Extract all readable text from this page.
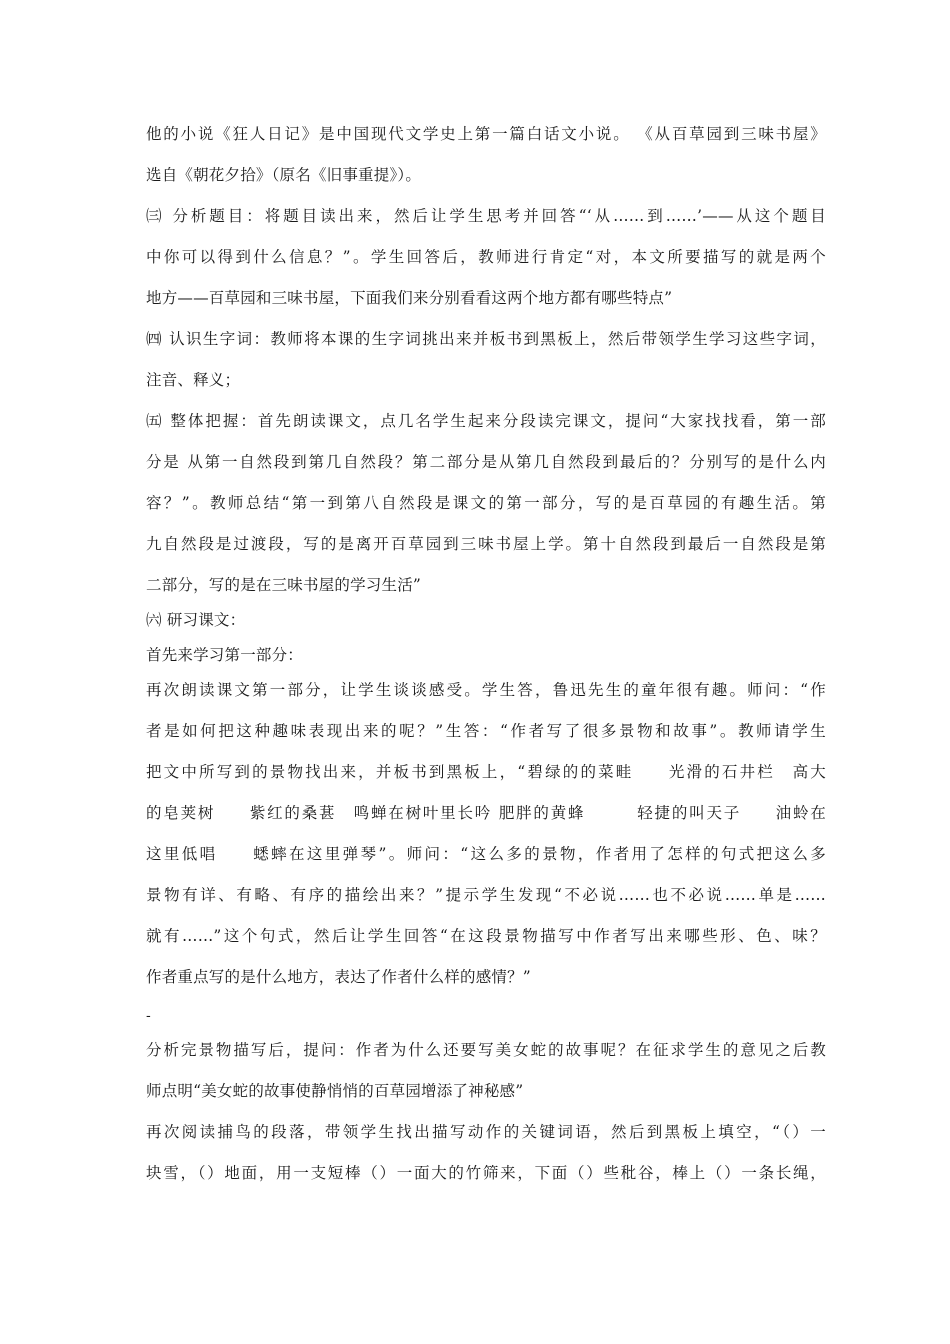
他的小说《狂人日记》是中国现代文学史上第一篇白话文小说。 《从百草园到三味书屋》
选自《朝花夕拾》（原名《旧事重提》）。
㈢ 分析题目：将题目读出来，然后让学生思考并回答“‘从……到……’——从这个题目
中你可以得到什么信息？”。学生回答后，教师进行肯定“对，本文所要描写的就是两个
地方——百草园和三味书屋，下面我们来分别看看这两个地方都有哪些特点”
㈣ 认识生字词：教师将本课的生字词挑出来并板书到黑板上，然后带领学生学习这些字词，
注音、释义；
㈤ 整体把握：首先朗读课文，点几名学生起来分段读完课文，提问“大家找找看，第一部
分是 从第一自然段到第几自然段？第二部分是从第几自然段到最后的？分别写的是什么内
容？”。教师总结“第一到第八自然段是课文的第一部分，写的是百草园的有趣生活。第
九自然段是过渡段，写的是离开百草园到三味书屋上学。第十自然段到最后一自然段是第
二部分，写的是在三味书屋的学习生活”
㈥ 研习课文：
首先来学习第一部分：
再次朗读课文第一部分，让学生谈谈感受。学生答，鲁迅先生的童年很有趣。师问：“作
者是如何把这种趣味表现出来的呢？”生答：“作者写了很多景物和故事”。教师请学生
把文中所写到的景物找出来，并板书到黑板上，“碧绿的的菜畦　　光滑的石井栏　高大
的皂荚树　　紫红的桑葚　鸣蝉在树叶里长吟 肥胖的黄蜂　　　轻捷的叫天子　　油蛉在
这里低唱　　蟋蟀在这里弹琴”。师问：“这么多的景物，作者用了怎样的句式把这么多
景物有详、有略、有序的描绘出来？”提示学生发现“不必说……也不必说……单是……
就有……”这个句式，然后让学生回答“在这段景物描写中作者写出来哪些形、色、味？
作者重点写的是什么地方，表达了作者什么样的感情？”
-
分析完景物描写后，提问：作者为什么还要写美女蛇的故事呢？在征求学生的意见之后教
师点明“美女蛇的故事使静悄悄的百草园增添了神秘感”
再次阅读捕鸟的段落，带领学生找出描写动作的关键词语，然后到黑板上填空，“（）一
块雪，（）地面，用一支短棒（）一面大的竹筛来，下面（）些秕谷，棒上（）一条长绳，
